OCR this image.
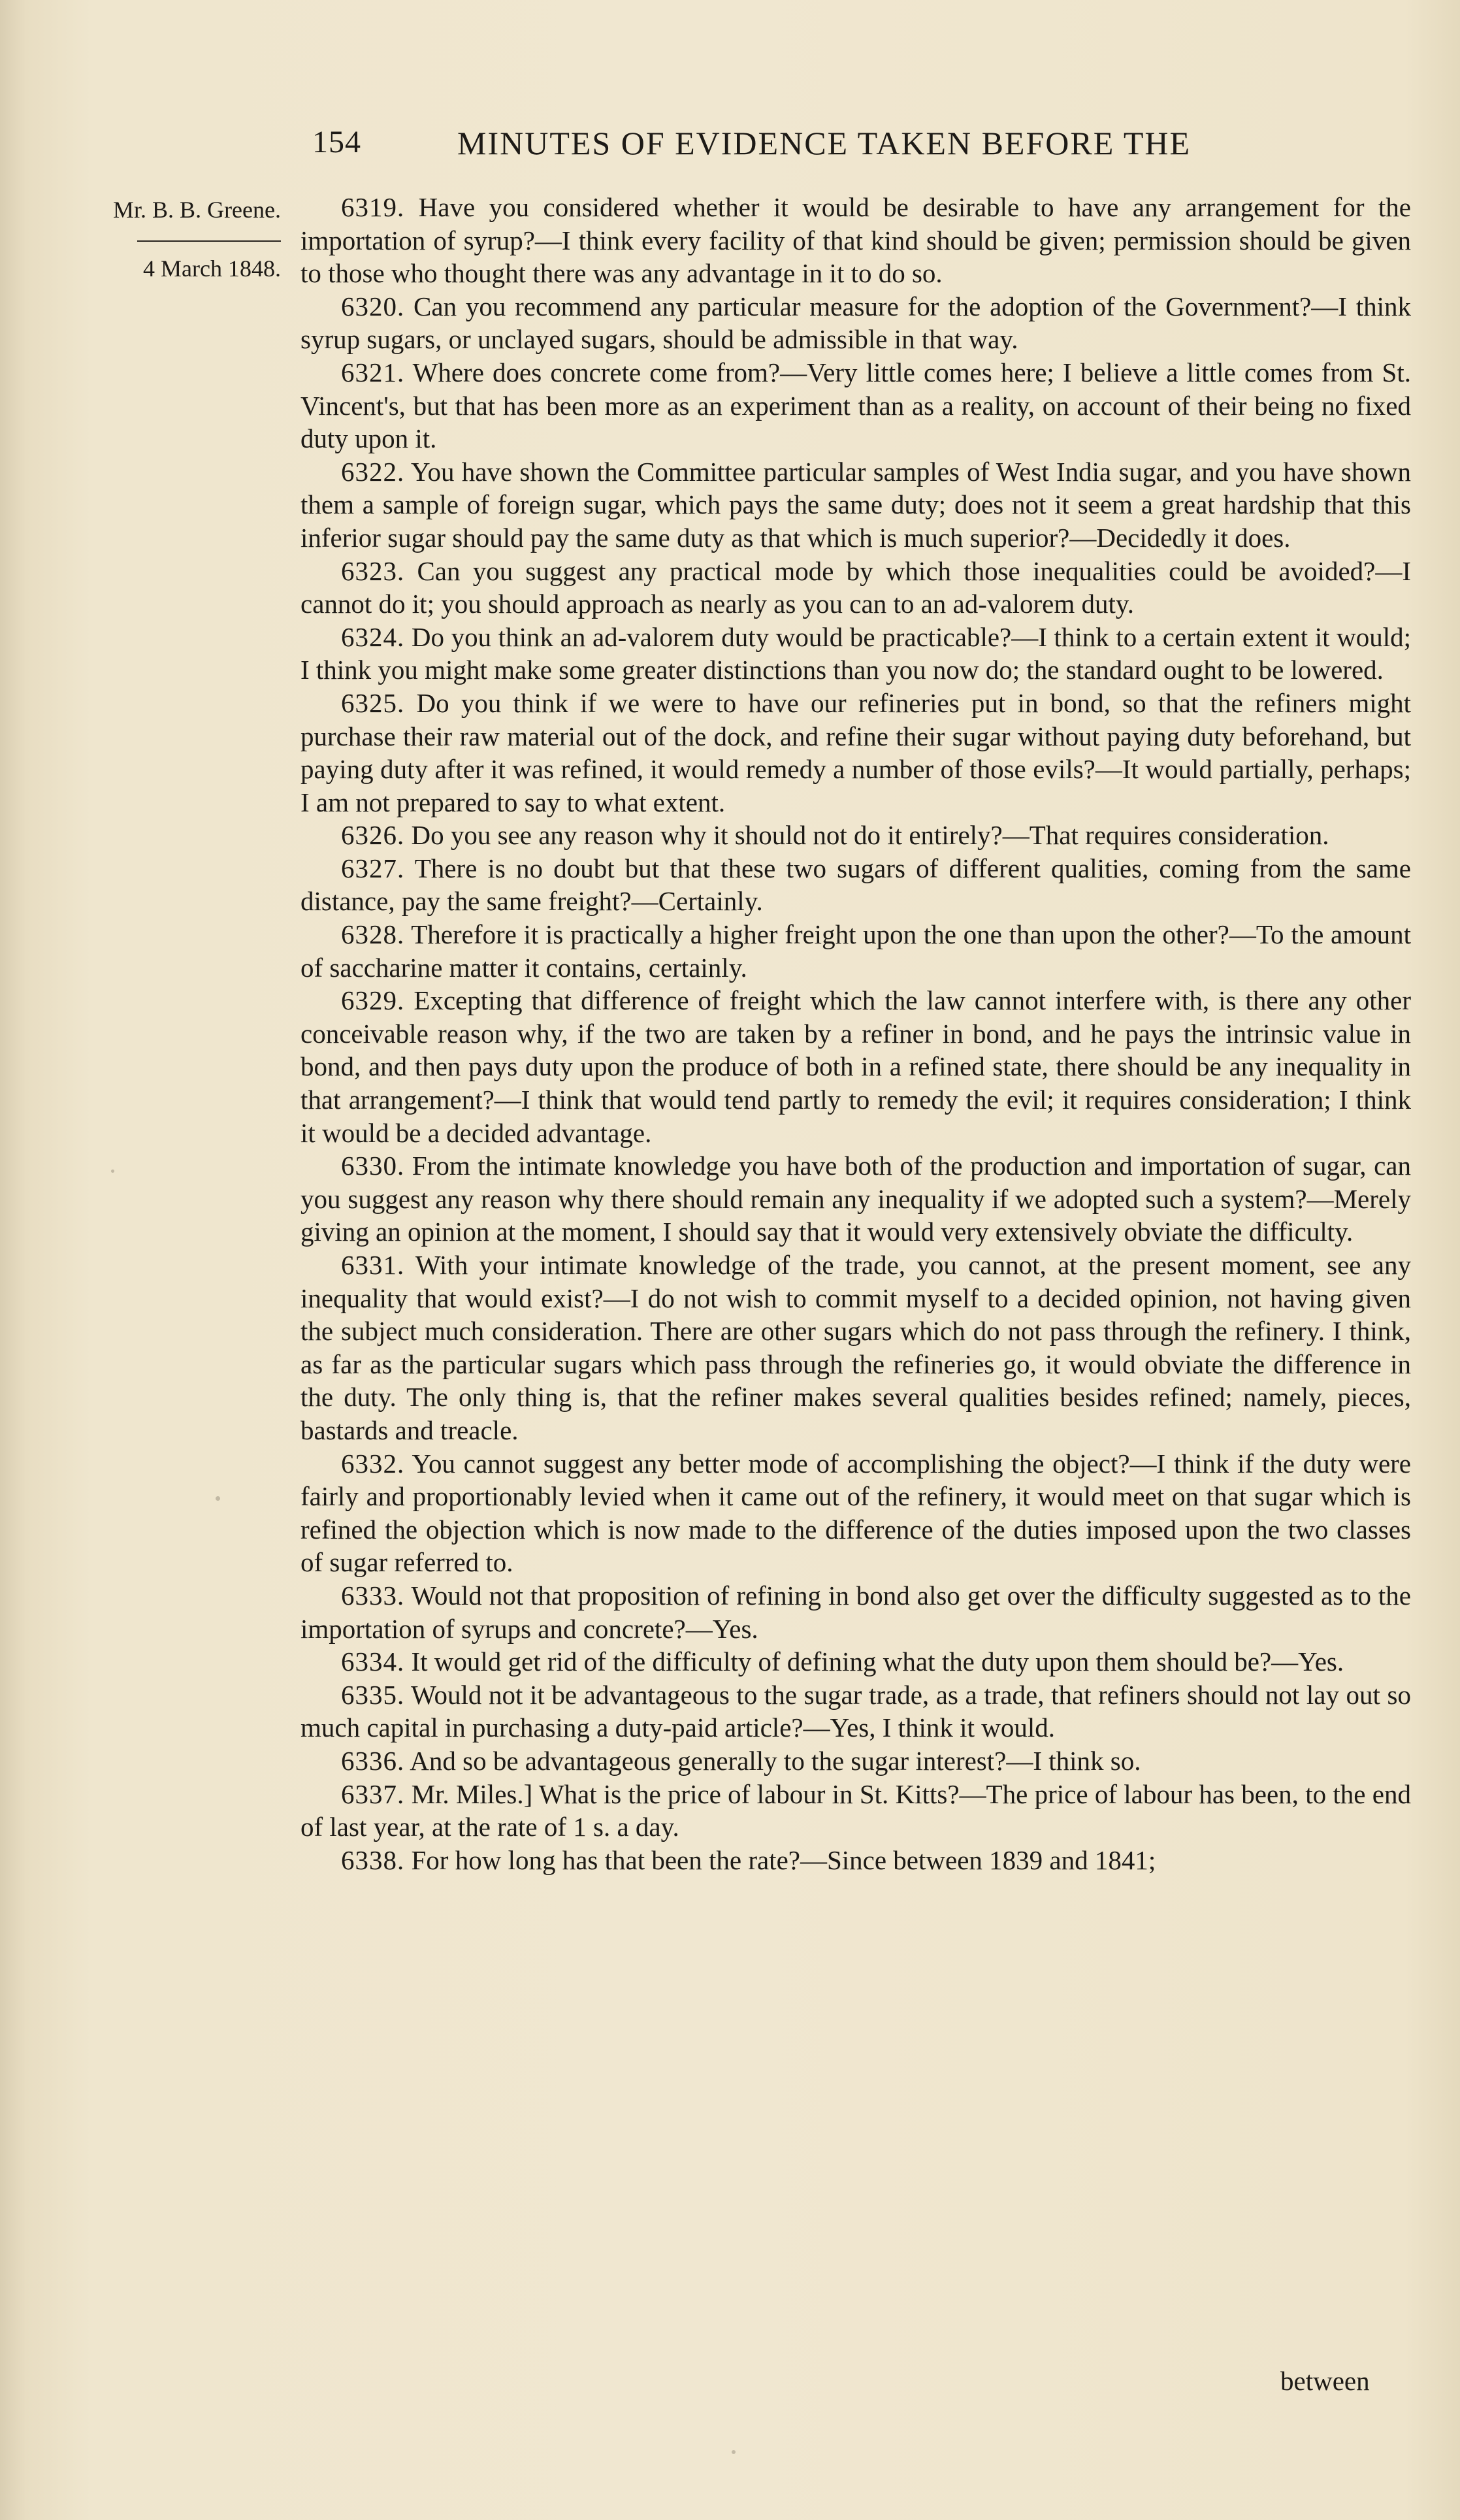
154	MINUTES OF EVIDENCE TAKEN BEFORE THE
Mr. B. B. Greene.
4 March 1848.

6319. Have you considered whether it would be desirable to have any arrangement for the importation of syrup?—I think every facility of that kind should be given; permission should be given to those who thought there was any advantage in it to do so.

6320. Can you recommend any particular measure for the adoption of the Government?—I think syrup sugars, or unclayed sugars, should be admissible in that way.

6321. Where does concrete come from?—Very little comes here; I believe a little comes from St. Vincent's, but that has been more as an experiment than as a reality, on account of their being no fixed duty upon it.

6322. You have shown the Committee particular samples of West India sugar, and you have shown them a sample of foreign sugar, which pays the same duty; does not it seem a great hardship that this inferior sugar should pay the same duty as that which is much superior?—Decidedly it does.

6323. Can you suggest any practical mode by which those inequalities could be avoided?—I cannot do it; you should approach as nearly as you can to an ad-valorem duty.

6324. Do you think an ad-valorem duty would be practicable?—I think to a certain extent it would; I think you might make some greater distinctions than you now do; the standard ought to be lowered.

6325. Do you think if we were to have our refineries put in bond, so that the refiners might purchase their raw material out of the dock, and refine their sugar without paying duty beforehand, but paying duty after it was refined, it would remedy a number of those evils?—It would partially, perhaps; I am not prepared to say to what extent.

6326. Do you see any reason why it should not do it entirely?—That requires consideration.

6327. There is no doubt but that these two sugars of different qualities, coming from the same distance, pay the same freight?—Certainly.

6328. Therefore it is practically a higher freight upon the one than upon the other?—To the amount of saccharine matter it contains, certainly.

6329. Excepting that difference of freight which the law cannot interfere with, is there any other conceivable reason why, if the two are taken by a refiner in bond, and he pays the intrinsic value in bond, and then pays duty upon the produce of both in a refined state, there should be any inequality in that arrangement?—I think that would tend partly to remedy the evil; it requires consideration; I think it would be a decided advantage.

6330. From the intimate knowledge you have both of the production and importation of sugar, can you suggest any reason why there should remain any inequality if we adopted such a system?—Merely giving an opinion at the moment, I should say that it would very extensively obviate the difficulty.

6331. With your intimate knowledge of the trade, you cannot, at the present moment, see any inequality that would exist?—I do not wish to commit myself to a decided opinion, not having given the subject much consideration. There are other sugars which do not pass through the refinery. I think, as far as the particular sugars which pass through the refineries go, it would obviate the difference in the duty. The only thing is, that the refiner makes several qualities besides refined; namely, pieces, bastards and treacle.

6332. You cannot suggest any better mode of accomplishing the object?—I think if the duty were fairly and proportionably levied when it came out of the refinery, it would meet on that sugar which is refined the objection which is now made to the difference of the duties imposed upon the two classes of sugar referred to.

6333. Would not that proposition of refining in bond also get over the difficulty suggested as to the importation of syrups and concrete?—Yes.

6334. It would get rid of the difficulty of defining what the duty upon them should be?—Yes.

6335. Would not it be advantageous to the sugar trade, as a trade, that refiners should not lay out so much capital in purchasing a duty-paid article?—Yes, I think it would.

6336. And so be advantageous generally to the sugar interest?—I think so.

6337. Mr. Miles.] What is the price of labour in St. Kitts?—The price of labour has been, to the end of last year, at the rate of 1 s. a day.

6338. For how long has that been the rate?—Since between 1839 and 1841;

between
